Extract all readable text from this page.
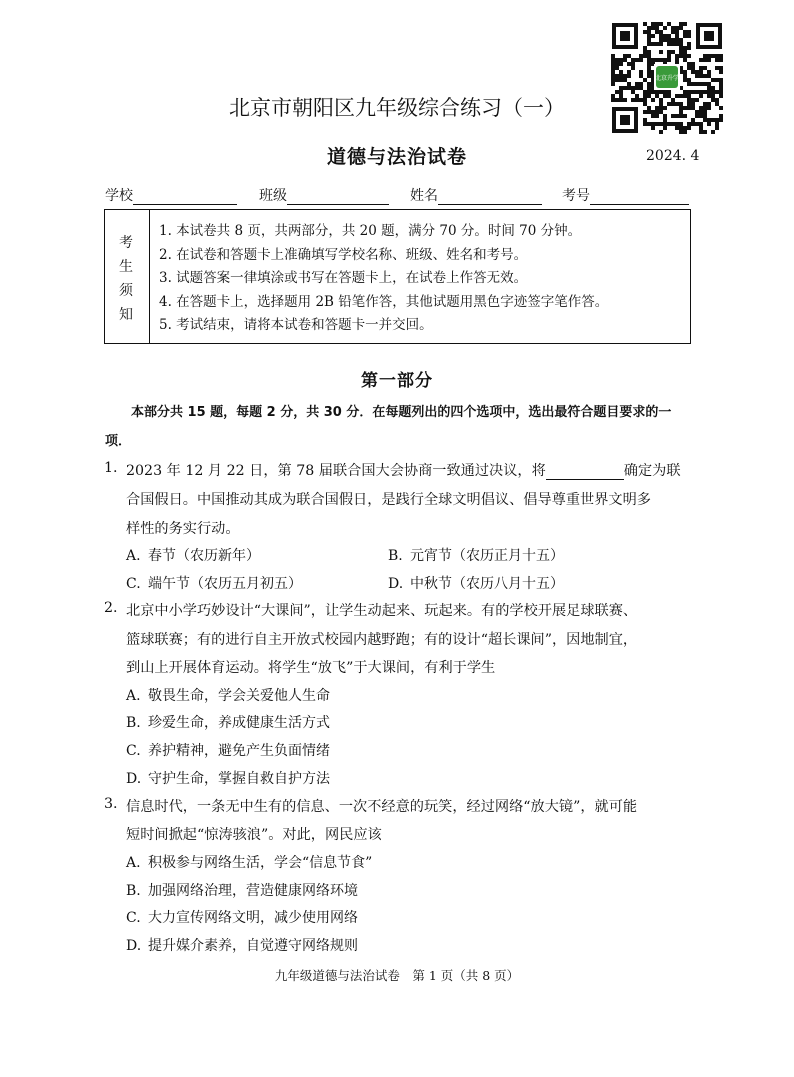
北京市朝阳区九年级综合练习（一）
道德与法治试卷	2024. 4
北京升学
学校	班级	姓名	考号
考
生
须
知
1. 本试卷共 8 页，共两部分，共 20 题，满分 70 分。时间 70 分钟。
2. 在试卷和答题卡上准确填写学校名称、班级、姓名和考号。
3. 试题答案一律填涂或书写在答题卡上，在试卷上作答无效。
4. 在答题卡上，选择题用 2B 铅笔作答，其他试题用黑色字迹签字笔作答。
5. 考试结束，请将本试卷和答题卡一并交回。
第一部分
本部分共 15 题，每题 2 分，共 30 分．在每题列出的四个选项中，选出最符合题目要求的一项．
1. 2023 年 12 月 22 日，第 78 届联合国大会协商一致通过决议，将	确定为联
合国假日。中国推动其成为联合国假日，是践行全球文明倡议、倡导尊重世界文明多
样性的务实行动。
A. 春节（农历新年）	B. 元宵节（农历正月十五）
C. 端午节（农历五月初五）	D. 中秋节（农历八月十五）
2. 北京中小学巧妙设计“大课间”，让学生动起来、玩起来。有的学校开展足球联赛、
篮球联赛；有的进行自主开放式校园内越野跑；有的设计“超长课间”，因地制宜，
到山上开展体育运动。将学生“放飞”于大课间，有利于学生
A. 敬畏生命，学会关爱他人生命
B. 珍爱生命，养成健康生活方式
C. 养护精神，避免产生负面情绪
D. 守护生命，掌握自救自护方法
3. 信息时代，一条无中生有的信息、一次不经意的玩笑，经过网络“放大镜”，就可能
短时间掀起“惊涛骇浪”。对此，网民应该
A. 积极参与网络生活，学会“信息节食”
B. 加强网络治理，营造健康网络环境
C. 大力宣传网络文明，减少使用网络
D. 提升媒介素养，自觉遵守网络规则
九年级道德与法治试卷　第 1 页（共 8 页）
